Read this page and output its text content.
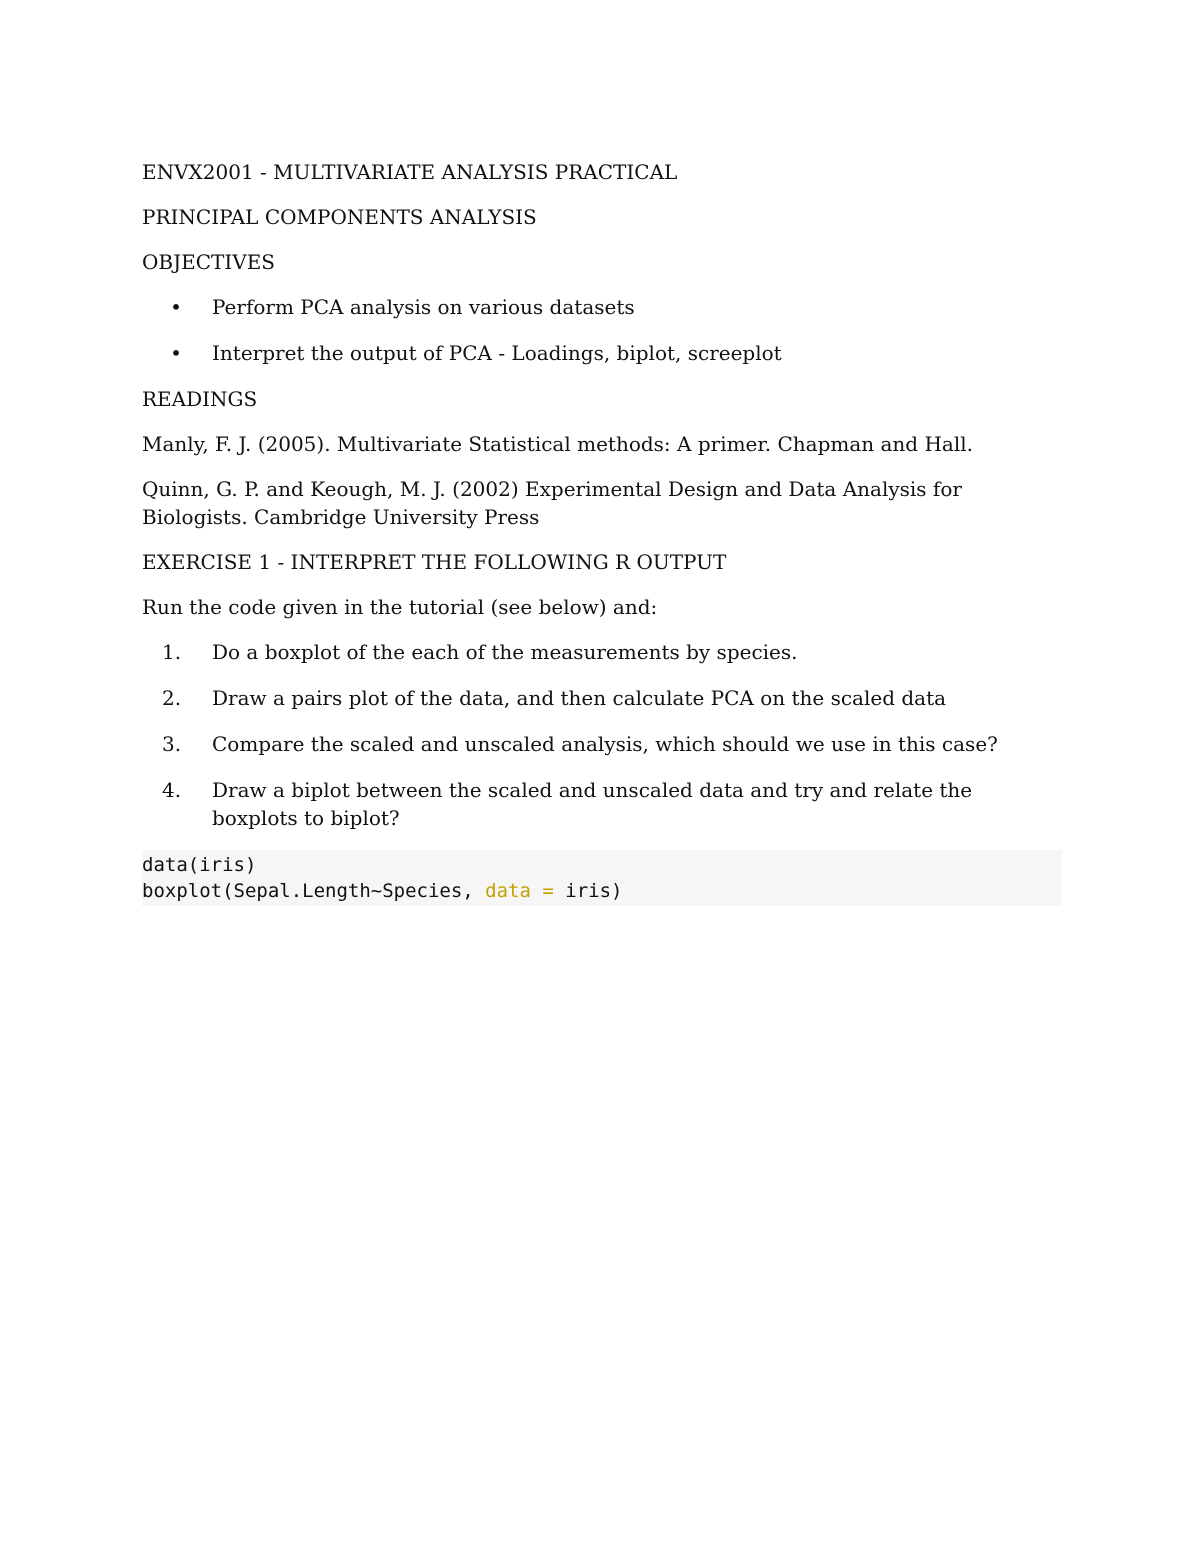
ENVX2001 - MULTIVARIATE ANALYSIS PRACTICAL

PRINCIPAL COMPONENTS ANALYSIS

OBJECTIVES

• Perform PCA analysis on various datasets
• Interpret the output of PCA - Loadings, biplot, screeplot

READINGS

Manly, F. J. (2005). Multivariate Statistical methods: A primer. Chapman and Hall.

Quinn, G. P. and Keough, M. J. (2002) Experimental Design and Data Analysis for Biologists. Cambridge University Press

EXERCISE 1 - INTERPRET THE FOLLOWING R OUTPUT

Run the code given in the tutorial (see below) and:

1.	Do a boxplot of the each of the measurements by species.
2.	Draw a pairs plot of the data, and then calculate PCA on the scaled data
3.	Compare the scaled and unscaled analysis, which should we use in this case?
4.	Draw a biplot between the scaled and unscaled data and try and relate the boxplots to biplot?
data(iris)
boxplot(Sepal.Length~Species, data = iris)
